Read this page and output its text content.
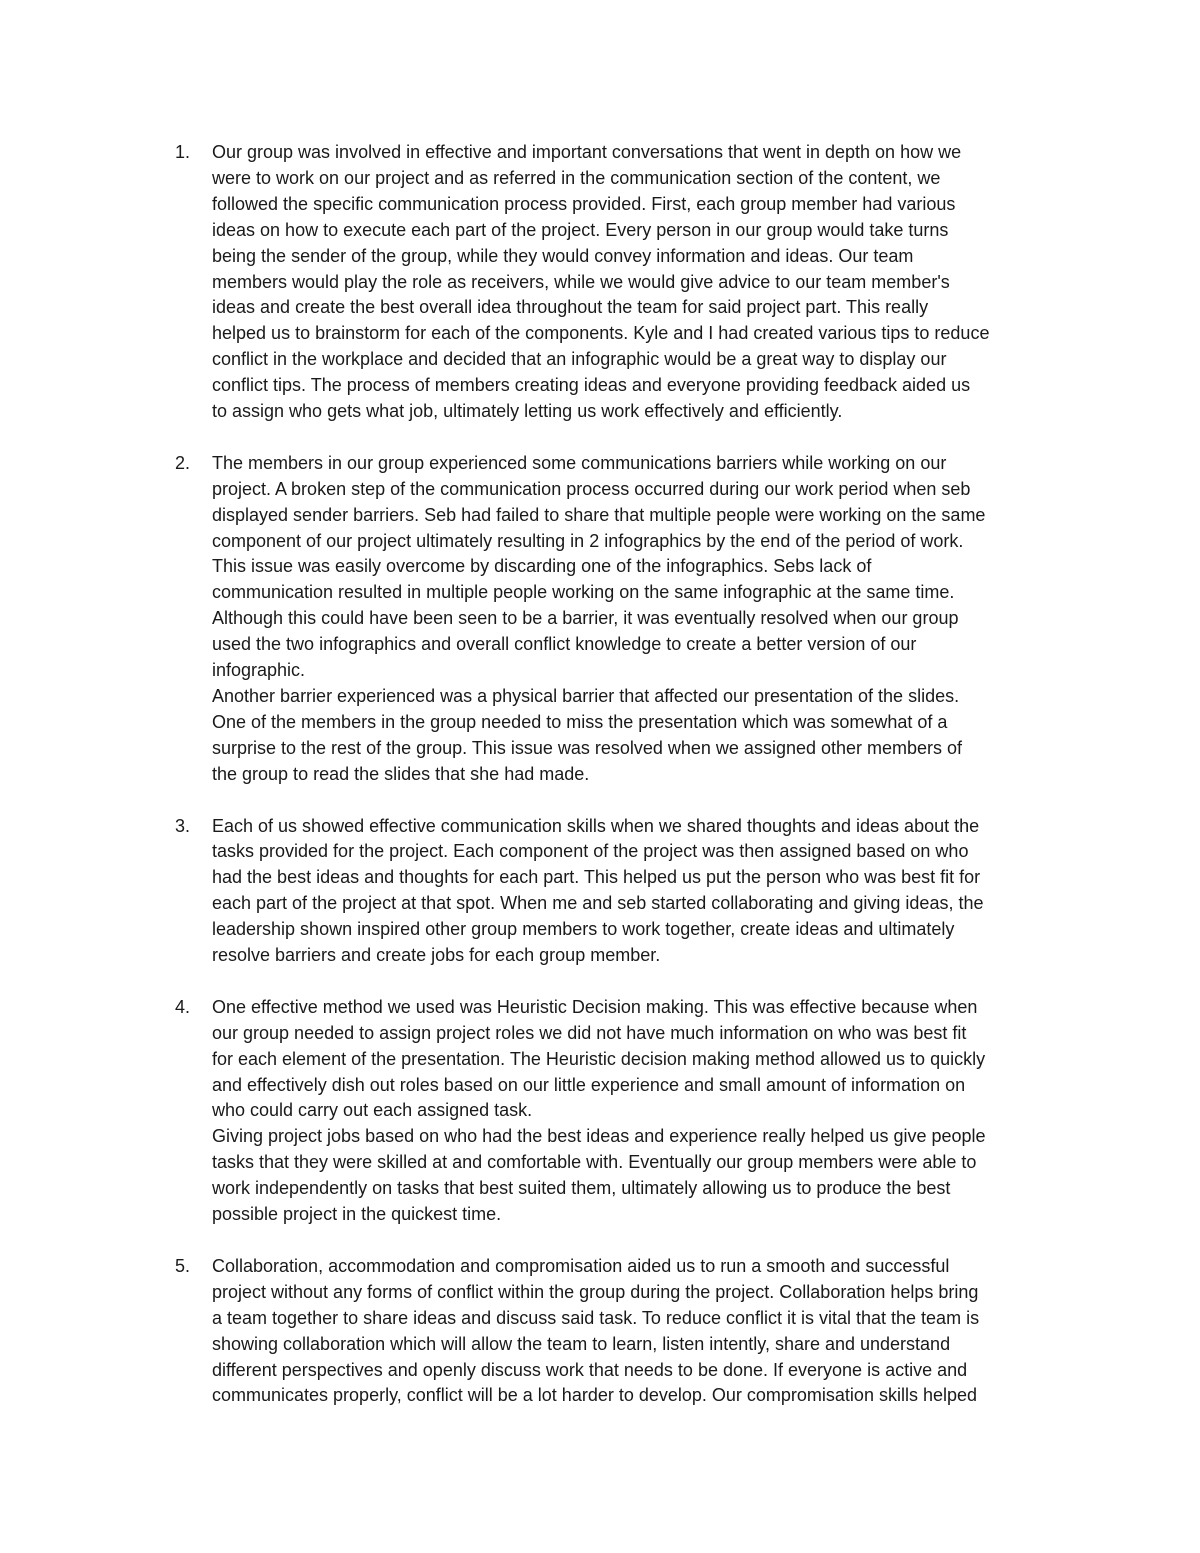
1. Our group was involved in effective and important conversations that went in depth on how we
were to work on our project and as referred in the communication section of the content, we
followed the specific communication process provided. First, each group member had various
ideas on how to execute each part of the project. Every person in our group would take turns
being the sender of the group, while they would convey information and ideas. Our team
members would play the role as receivers, while we would give advice to our team member's
ideas and create the best overall idea throughout the team for said project part. This really
helped us to brainstorm for each of the components. Kyle and I had created various tips to reduce
conflict in the workplace and decided that an infographic would be a great way to display our
conflict tips. The process of members creating ideas and everyone providing feedback aided us
to assign who gets what job, ultimately letting us work effectively and efficiently.

2. The members in our group experienced some communications barriers while working on our
project. A broken step of the communication process occurred during our work period when seb
displayed sender barriers. Seb had failed to share that multiple people were working on the same
component of our project ultimately resulting in 2 infographics by the end of the period of work.
This issue was easily overcome by discarding one of the infographics. Sebs lack of
communication resulted in multiple people working on the same infographic at the same time.
Although this could have been seen to be a barrier, it was eventually resolved when our group
used the two infographics and overall conflict knowledge to create a better version of our
infographic.

Another barrier experienced was a physical barrier that affected our presentation of the slides.
One of the members in the group needed to miss the presentation which was somewhat of a
surprise to the rest of the group. This issue was resolved when we assigned other members of
the group to read the slides that she had made.

3. Each of us showed effective communication skills when we shared thoughts and ideas about the
tasks provided for the project. Each component of the project was then assigned based on who
had the best ideas and thoughts for each part. This helped us put the person who was best fit for
each part of the project at that spot. When me and seb started collaborating and giving ideas, the
leadership shown inspired other group members to work together, create ideas and ultimately
resolve barriers and create jobs for each group member.

4. One effective method we used was Heuristic Decision making. This was effective because when
our group needed to assign project roles we did not have much information on who was best fit
for each element of the presentation. The Heuristic decision making method allowed us to quickly
and effectively dish out roles based on our little experience and small amount of information on
who could carry out each assigned task.

Giving project jobs based on who had the best ideas and experience really helped us give people
tasks that they were skilled at and comfortable with. Eventually our group members were able to
work independently on tasks that best suited them, ultimately allowing us to produce the best
possible project in the quickest time.

5. Collaboration, accommodation and compromisation aided us to run a smooth and successful
project without any forms of conflict within the group during the project. Collaboration helps bring
a team together to share ideas and discuss said task. To reduce conflict it is vital that the team is
showing collaboration which will allow the team to learn, listen intently, share and understand
different perspectives and openly discuss work that needs to be done. If everyone is active and
communicates properly, conflict will be a lot harder to develop. Our compromisation skills helped
